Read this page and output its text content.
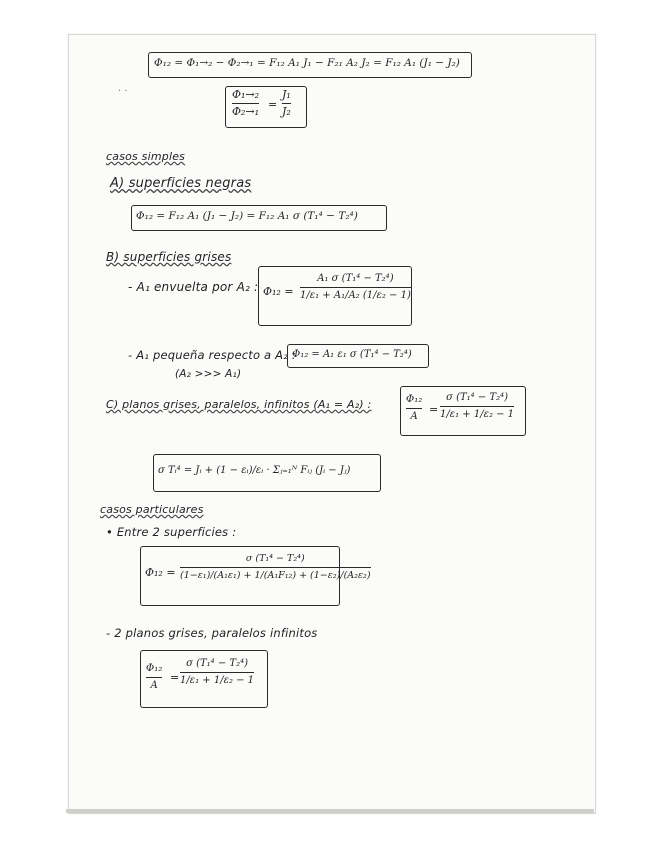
Φ₁₂ = Φ₁→₂ − Φ₂→₁ = F₁₂ A₁ J₁ − F₂₁ A₂ J₂ = F₁₂ A₁ (J₁ − J₂)
· ·	Φ₁→₂
Φ₂→₁
=
J₁
J₂
casos simples
A) superficies negras
Φ₁₂ = F₁₂ A₁ (J₁ − J₂) = F₁₂ A₁ σ (T₁⁴ − T₂⁴)
B) superficies grises
- A₁ envuelta por A₂ : Φ₁₂ =
A₁ σ (T₁⁴ − T₂⁴)
1/ε₁ + A₁/A₂ (1/ε₂ − 1)
- A₁ pequeña respecto a A₂ :
Φ₁₂ = A₁ ε₁ σ (T₁⁴ − T₂⁴)
(A₂ >>> A₁)
C) planos grises, paralelos, infinitos (A₁ = A₂) :	Φ₁₂
A
=
σ (T₁⁴ − T₂⁴)
1/ε₁ + 1/ε₂ − 1
σ Tᵢ⁴ = Jᵢ + (1 − εᵢ)/εᵢ · Σⱼ₌₁ᴺ Fᵢⱼ (Jᵢ − Jⱼ)
casos particulares
• Entre 2 superficies :
Φ₁₂ =
σ (T₁⁴ − T₂⁴)
(1−ε₁)/(A₁ε₁) + 1/(A₁F₁₂) + (1−ε₂)/(A₂ε₂)
- 2 planos grises, paralelos infinitos
Φ₁₂
A
=
σ (T₁⁴ − T₂⁴)
1/ε₁ + 1/ε₂ − 1
